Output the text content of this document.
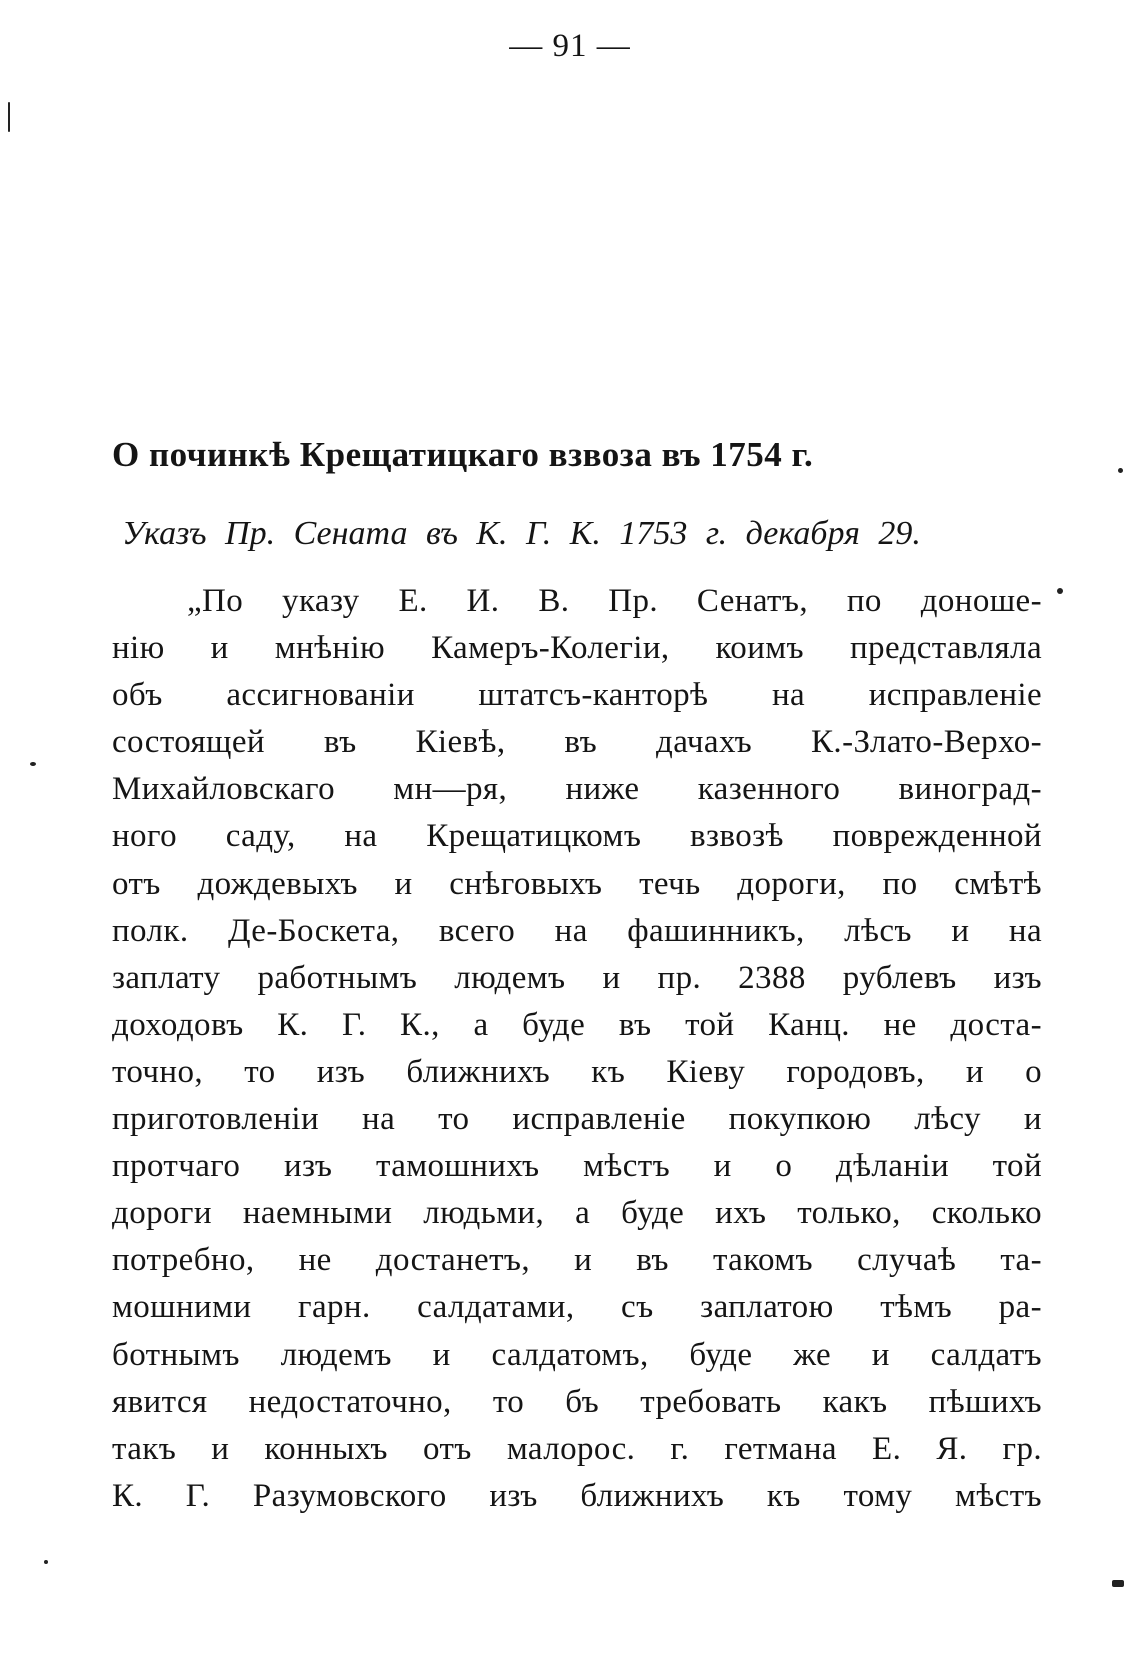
— 91 —
О починкѣ Крещатицкаго взвоза въ 1754 г.
Указъ Пр. Сената въ К. Г. К. 1753 г. декабря 29.
„По указу Е. И. В. Пр. Сенатъ, по доноше-
нію и мнѣнію Камеръ-Колегіи, коимъ представляла
объ ассигнованіи штатсъ-канторѣ на исправленіе
состоящей въ Кіевѣ, въ дачахъ К.-Злато-Верхо-
Михайловскаго мн—ря, ниже казенного виноград-
ного саду, на Крещатицкомъ взвозѣ поврежденной
отъ дождевыхъ и снѣговыхъ течь дороги, по смѣтѣ
полк. Де-Боскета, всего на фашинникъ, лѣсъ и на
заплату работнымъ людемъ и пр. 2388 рублевъ изъ
доходовъ К. Г. К., а буде въ той Канц. не доста-
точно, то изъ ближнихъ къ Кіеву городовъ, и о
приготовленіи на то исправленіе покупкою лѣсу и
протчаго изъ тамошнихъ мѣстъ и о дѣланіи той
дороги наемными людьми, а буде ихъ только, сколько
потребно, не достанетъ, и въ такомъ случаѣ та-
мошними гарн. салдатами, съ заплатою тѣмъ ра-
ботнымъ людемъ и салдатомъ, буде же и салдатъ
явится недостаточно, то бъ требовать какъ пѣшихъ
такъ и конныхъ отъ малорос. г. гетмана Е. Я. гр.
К. Г. Разумовского изъ ближнихъ къ тому мѣстъ
